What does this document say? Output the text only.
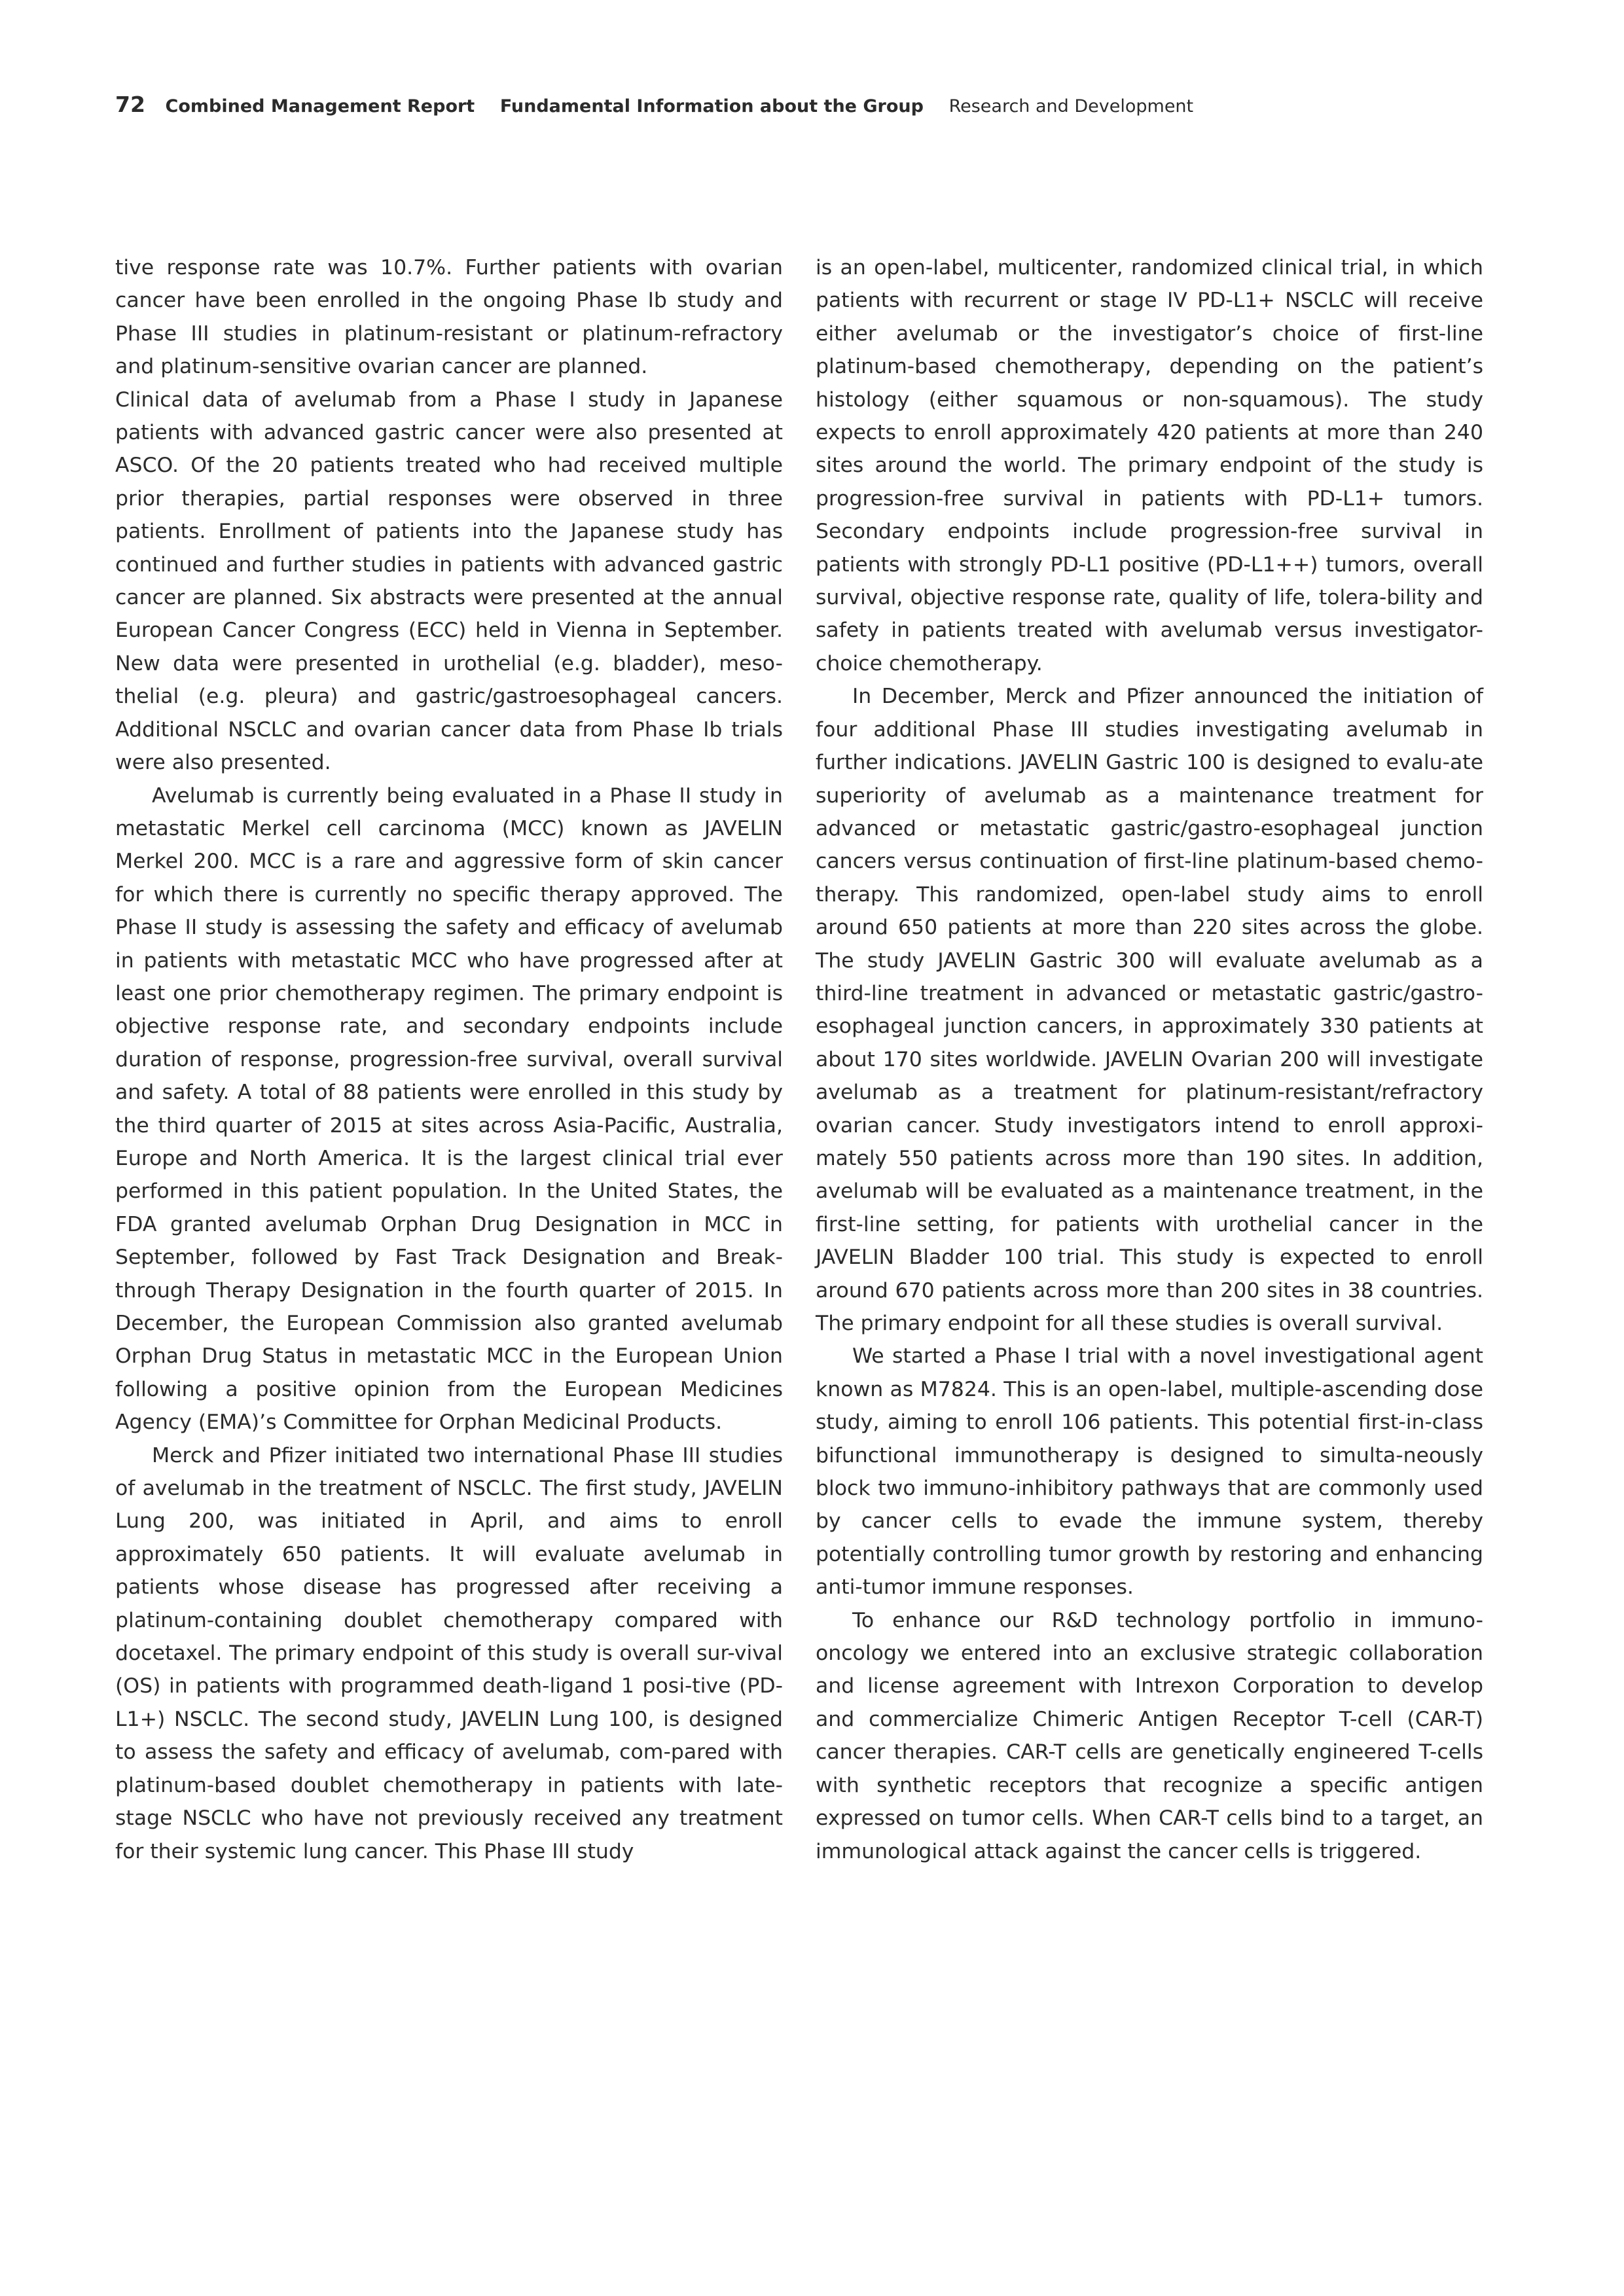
72 Combined Management Report Fundamental Information about the Group Research and Development

tive response rate was 10.7%. Further patients with ovarian cancer have been enrolled in the ongoing Phase Ib study and Phase III studies in platinum-resistant or platinum-refractory and platinum-sensitive ovarian cancer are planned.

Clinical data of avelumab from a Phase I study in Japanese patients with advanced gastric cancer were also presented at ASCO. Of the 20 patients treated who had received multiple prior therapies, partial responses were observed in three patients. Enrollment of patients into the Japanese study has continued and further studies in patients with advanced gastric cancer are planned. Six abstracts were presented at the annual European Cancer Congress (ECC) held in Vienna in September. New data were presented in urothelial (e.g. bladder), meso-thelial (e.g. pleura) and gastric/gastroesophageal cancers. Additional NSCLC and ovarian cancer data from Phase Ib trials were also presented.

Avelumab is currently being evaluated in a Phase II study in metastatic Merkel cell carcinoma (MCC) known as JAVELIN Merkel 200. MCC is a rare and aggressive form of skin cancer for which there is currently no specific therapy approved. The Phase II study is assessing the safety and efficacy of avelumab in patients with metastatic MCC who have progressed after at least one prior chemotherapy regimen. The primary endpoint is objective response rate, and secondary endpoints include duration of response, progression-free survival, overall survival and safety. A total of 88 patients were enrolled in this study by the third quarter of 2015 at sites across Asia-Pacific, Australia, Europe and North America. It is the largest clinical trial ever performed in this patient population. In the United States, the FDA granted avelumab Orphan Drug Designation in MCC in September, followed by Fast Track Designation and Break-through Therapy Designation in the fourth quarter of 2015. In December, the European Commission also granted avelumab Orphan Drug Status in metastatic MCC in the European Union following a positive opinion from the European Medicines Agency (EMA)’s Committee for Orphan Medicinal Products.

Merck and Pfizer initiated two international Phase III studies of avelumab in the treatment of NSCLC. The first study, JAVELIN Lung 200, was initiated in April, and aims to enroll approximately 650 patients. It will evaluate avelumab in patients whose disease has progressed after receiving a platinum-containing doublet chemotherapy compared with docetaxel. The primary endpoint of this study is overall sur-vival (OS) in patients with programmed death-ligand 1 posi-tive (PD-L1+) NSCLC. The second study, JAVELIN Lung 100, is designed to assess the safety and efficacy of avelumab, com-pared with platinum-based doublet chemotherapy in patients with late-stage NSCLC who have not previously received any treatment for their systemic lung cancer. This Phase III study

is an open-label, multicenter, randomized clinical trial, in which patients with recurrent or stage IV PD-L1+ NSCLC will receive either avelumab or the investigator’s choice of first-line platinum-based chemotherapy, depending on the patient’s histology (either squamous or non-squamous). The study expects to enroll approximately 420 patients at more than 240 sites around the world. The primary endpoint of the study is progression-free survival in patients with PD-L1+ tumors. Secondary endpoints include progression-free survival in patients with strongly PD-L1 positive (PD-L1++) tumors, overall survival, objective response rate, quality of life, tolera-bility and safety in patients treated with avelumab versus investigator-choice chemotherapy.

In December, Merck and Pfizer announced the initiation of four additional Phase III studies investigating avelumab in further indications. JAVELIN Gastric 100 is designed to evalu-ate superiority of avelumab as a maintenance treatment for advanced or metastatic gastric/gastro-esophageal junction cancers versus continuation of first-line platinum-based chemo-therapy. This randomized, open-label study aims to enroll around 650 patients at more than 220 sites across the globe. The study JAVELIN Gastric 300 will evaluate avelumab as a third-line treatment in advanced or metastatic gastric/gastro-esophageal junction cancers, in approximately 330 patients at about 170 sites worldwide. JAVELIN Ovarian 200 will investigate avelumab as a treatment for platinum-resistant/refractory ovarian cancer. Study investigators intend to enroll approxi-mately 550 patients across more than 190 sites. In addition, avelumab will be evaluated as a maintenance treatment, in the first-line setting, for patients with urothelial cancer in the JAVELIN Bladder 100 trial. This study is expected to enroll around 670 patients across more than 200 sites in 38 countries. The primary endpoint for all these studies is overall survival.

We started a Phase I trial with a novel investigational agent known as M7824. This is an open-label, multiple-ascending dose study, aiming to enroll 106 patients. This potential first-in-class bifunctional immunotherapy is designed to simulta-neously block two immuno-inhibitory pathways that are commonly used by cancer cells to evade the immune system, thereby potentially controlling tumor growth by restoring and enhancing anti-tumor immune responses.

To enhance our R&D technology portfolio in immuno-oncology we entered into an exclusive strategic collaboration and license agreement with Intrexon Corporation to develop and commercialize Chimeric Antigen Receptor T-cell (CAR-T) cancer therapies. CAR-T cells are genetically engineered T-cells with synthetic receptors that recognize a specific antigen expressed on tumor cells. When CAR-T cells bind to a target, an immunological attack against the cancer cells is triggered.
